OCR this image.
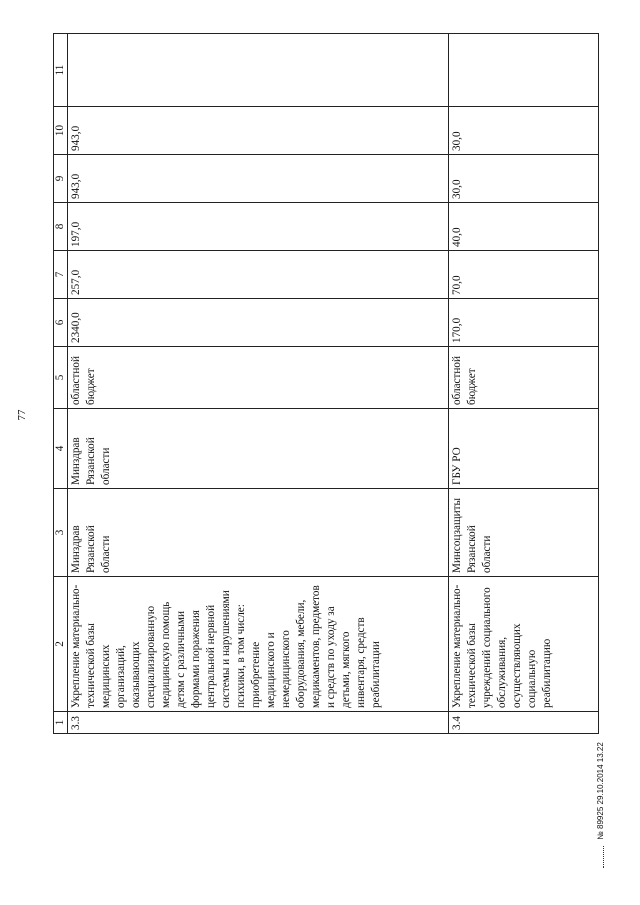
77
1	2	3	4	5	6	7	8	9	10	11
3.3	Укрепление материально-технической базы медицинских организаций, оказывающих специализированную медицинскую помощь детям с различными формами поражения центральной нервной системы и нарушениями психики, в том числе: приобретение медицинского и немедицинского оборудования, мебели, медикаментов, предметов и средств по уходу за детьми, мягкого инвентаря, средств реабилитации	Минздрав Рязанской области	Минздрав Рязанской области	областной бюджет	2340,0	257,0	197,0	943,0	943,0	
3.4	Укрепление материально-технической базы учреждений социального обслуживания, осуществляющих социальную реабилитацию	Минсоцзащиты Рязанской области	ГБУ РО	областной бюджет	170,0	70,0	40,0	30,0	30,0	
№ 89925 29.10.2014 13.22
